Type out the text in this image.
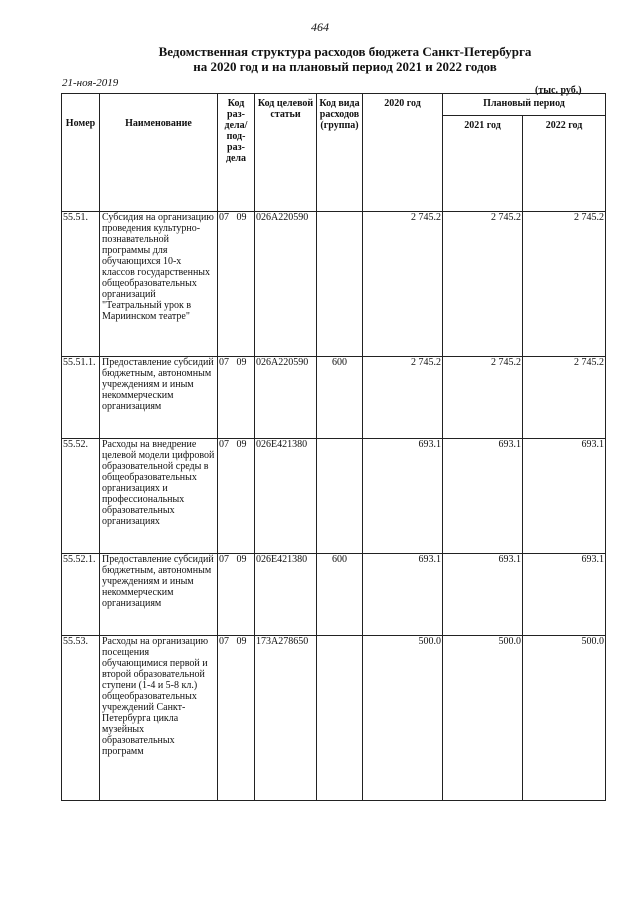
464
Ведомственная структура расходов бюджета Санкт-Петербурга
на 2020 год и на плановый период 2021 и 2022 годов
21-ноя-2019
(тыс. руб.)
Номер	Наименование	Код раз-дела/ под-раз-дела	Код целевой статьи	Код вида расходов (группа)	2020 год	Плановый период	
						2021 год	2022 год
55.51.	Субсидия на организацию проведения культурно-познавательной программы для обучающихся 10-х классов государственных общеобразовательных организаций "Театральный урок в Мариинском театре"	07 09	026А220590		2 745.2	2 745.2	2 745.2
55.51.1.	Предоставление субсидий бюджетным, автономным учреждениям и иным некоммерческим организациям	07 09	026А220590	600	2 745.2	2 745.2	2 745.2
55.52.	Расходы на внедрение целевой модели цифровой образовательной среды в общеобразовательных организациях и профессиональных образовательных организациях	07 09	026Е421380		693.1	693.1	693.1
55.52.1.	Предоставление субсидий бюджетным, автономным учреждениям и иным некоммерческим организациям	07 09	026Е421380	600	693.1	693.1	693.1
55.53.	Расходы на организацию посещения обучающимися первой и второй образовательной ступени (1-4 и 5-8 кл.) общеобразовательных учреждений Санкт-Петербурга цикла музейных образовательных программ	07 09	173А278650		500.0	500.0	500.0
